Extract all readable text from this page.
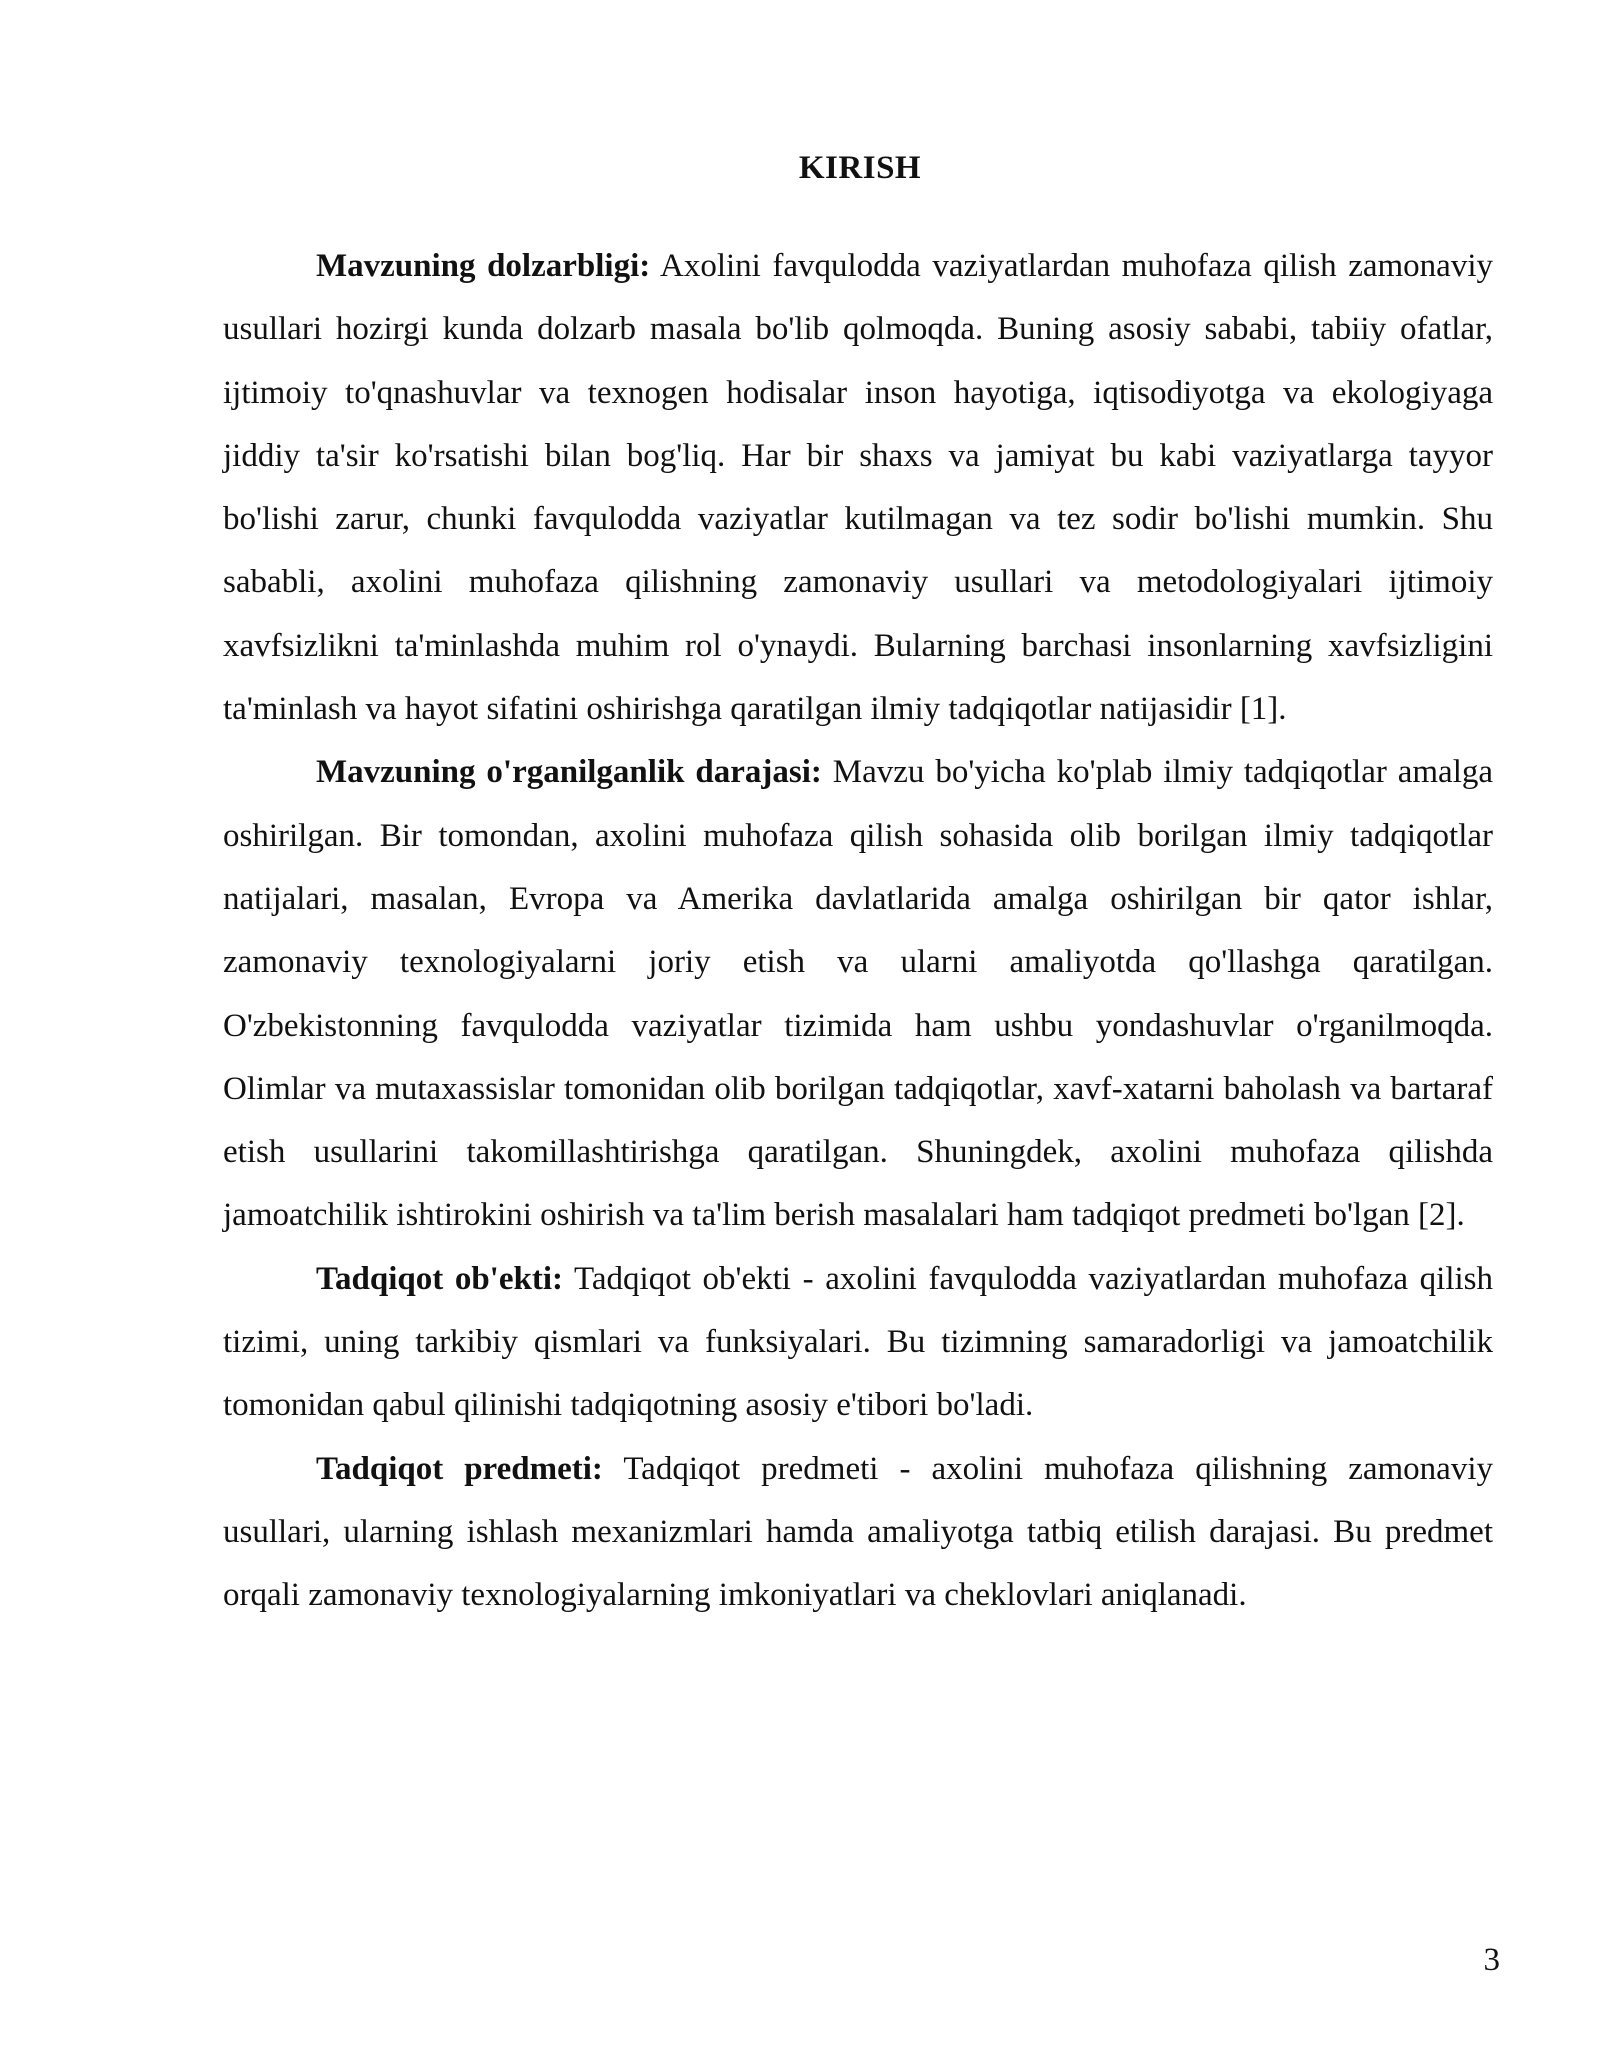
KIRISH

Mavzuning dolzarbligi: Axolini favqulodda vaziyatlardan muhofaza qilish zamonaviy usullari hozirgi kunda dolzarb masala bo'lib qolmoqda. Buning asosiy sababi, tabiiy ofatlar, ijtimoiy to'qnashuvlar va texnogen hodisalar inson hayotiga, iqtisodiyotga va ekologiyaga jiddiy ta'sir ko'rsatishi bilan bog'liq. Har bir shaxs va jamiyat bu kabi vaziyatlarga tayyor bo'lishi zarur, chunki favqulodda vaziyatlar kutilmagan va tez sodir bo'lishi mumkin. Shu sababli, axolini muhofaza qilishning zamonaviy usullari va metodologiyalari ijtimoiy xavfsizlikni ta'minlashda muhim rol o'ynaydi. Bularning barchasi insonlarning xavfsizligini ta'minlash va hayot sifatini oshirishga qaratilgan ilmiy tadqiqotlar natijasidir [1].

Mavzuning o'rganilganlik darajasi: Mavzu bo'yicha ko'plab ilmiy tadqiqotlar amalga oshirilgan. Bir tomondan, axolini muhofaza qilish sohasida olib borilgan ilmiy tadqiqotlar natijalari, masalan, Evropa va Amerika davlatlarida amalga oshirilgan bir qator ishlar, zamonaviy texnologiyalarni joriy etish va ularni amaliyotda qo'llashga qaratilgan. O'zbekistonning favqulodda vaziyatlar tizimida ham ushbu yondashuvlar o'rganilmoqda. Olimlar va mutaxassislar tomonidan olib borilgan tadqiqotlar, xavf-xatarni baholash va bartaraf etish usullarini takomillashtirishga qaratilgan. Shuningdek, axolini muhofaza qilishda jamoatchilik ishtirokini oshirish va ta'lim berish masalalari ham tadqiqot predmeti bo'lgan [2].

Tadqiqot ob'ekti: Tadqiqot ob'ekti - axolini favqulodda vaziyatlardan muhofaza qilish tizimi, uning tarkibiy qismlari va funksiyalari. Bu tizimning samaradorligi va jamoatchilik tomonidan qabul qilinishi tadqiqotning asosiy e'tibori bo'ladi.

Tadqiqot predmeti: Tadqiqot predmeti - axolini muhofaza qilishning zamonaviy usullari, ularning ishlash mexanizmlari hamda amaliyotga tatbiq etilish darajasi. Bu predmet orqali zamonaviy texnologiyalarning imkoniyatlari va cheklovlari aniqlanadi.

3
